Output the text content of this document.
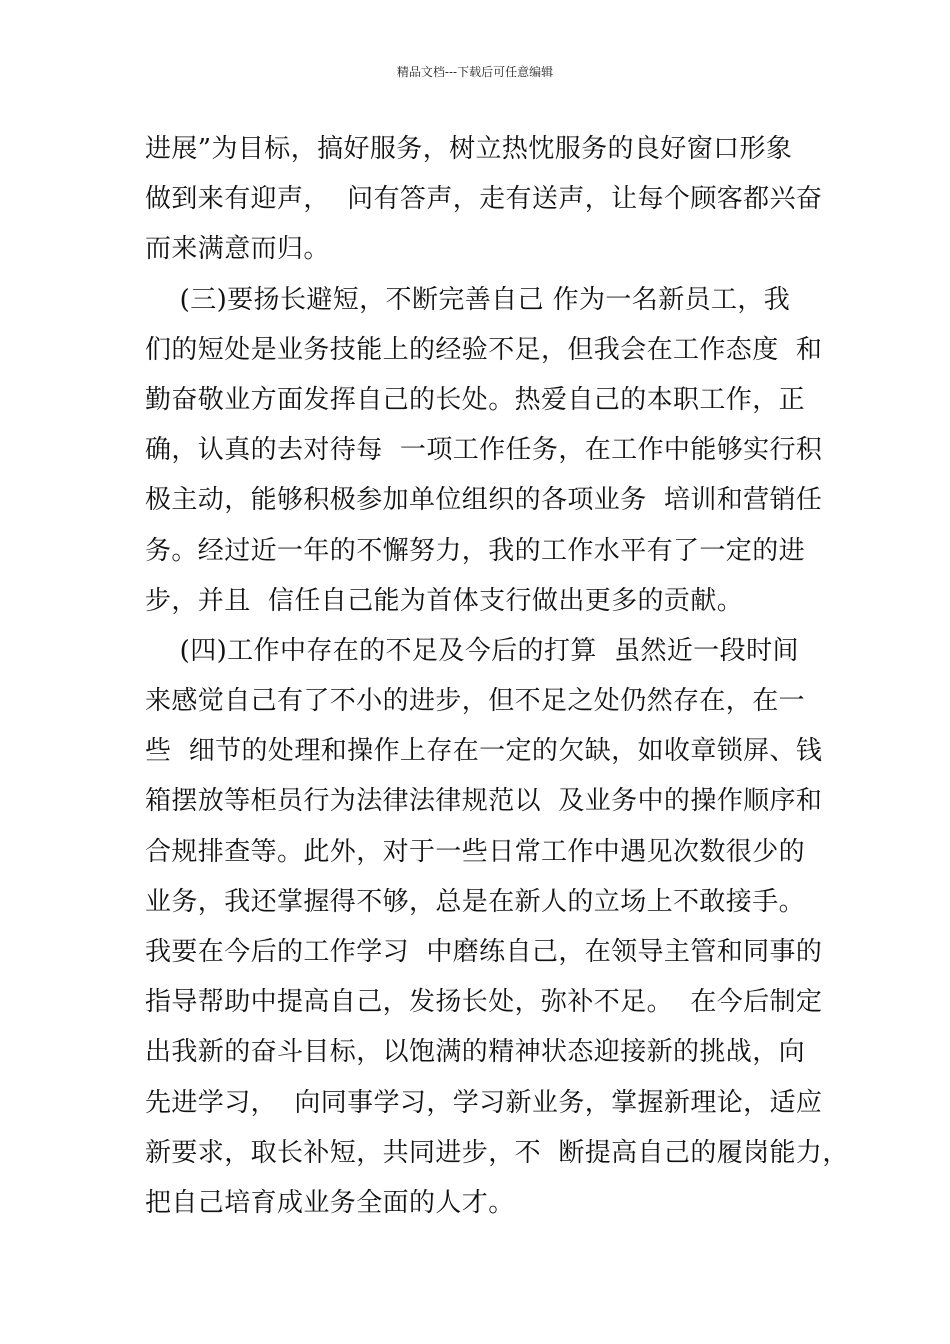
精品文档---下载后可任意编辑
进展”为目标，搞好服务，树立热忱服务的良好窗口形象
做到来有迎声，  问有答声，走有送声，让每个顾客都兴奋
而来满意而归。
(三)要扬长避短，不断完善自己 作为一名新员工，我
们的短处是业务技能上的经验不足，但我会在工作态度  和
勤奋敬业方面发挥自己的长处。热爱自己的本职工作，正
确，认真的去对待每  一项工作任务，在工作中能够实行积
极主动，能够积极参加单位组织的各项业务  培训和营销任
务。经过近一年的不懈努力，我的工作水平有了一定的进
步，并且  信任自己能为首体支行做出更多的贡献。
(四)工作中存在的不足及今后的打算  虽然近一段时间
来感觉自己有了不小的进步，但不足之处仍然存在，在一
些  细节的处理和操作上存在一定的欠缺，如收章锁屏、钱
箱摆放等柜员行为法律法律规范以  及业务中的操作顺序和
合规排查等。此外，对于一些日常工作中遇见次数很少的
业务，我还掌握得不够，总是在新人的立场上不敢接手。
我要在今后的工作学习  中磨练自己，在领导主管和同事的
指导帮助中提高自己，发扬长处，弥补不足。  在今后制定
出我新的奋斗目标，以饱满的精神状态迎接新的挑战，向
先进学习，  向同事学习，学习新业务，掌握新理论，适应
新要求，取长补短，共同进步，不  断提高自己的履岗能力，
把自己培育成业务全面的人才。
